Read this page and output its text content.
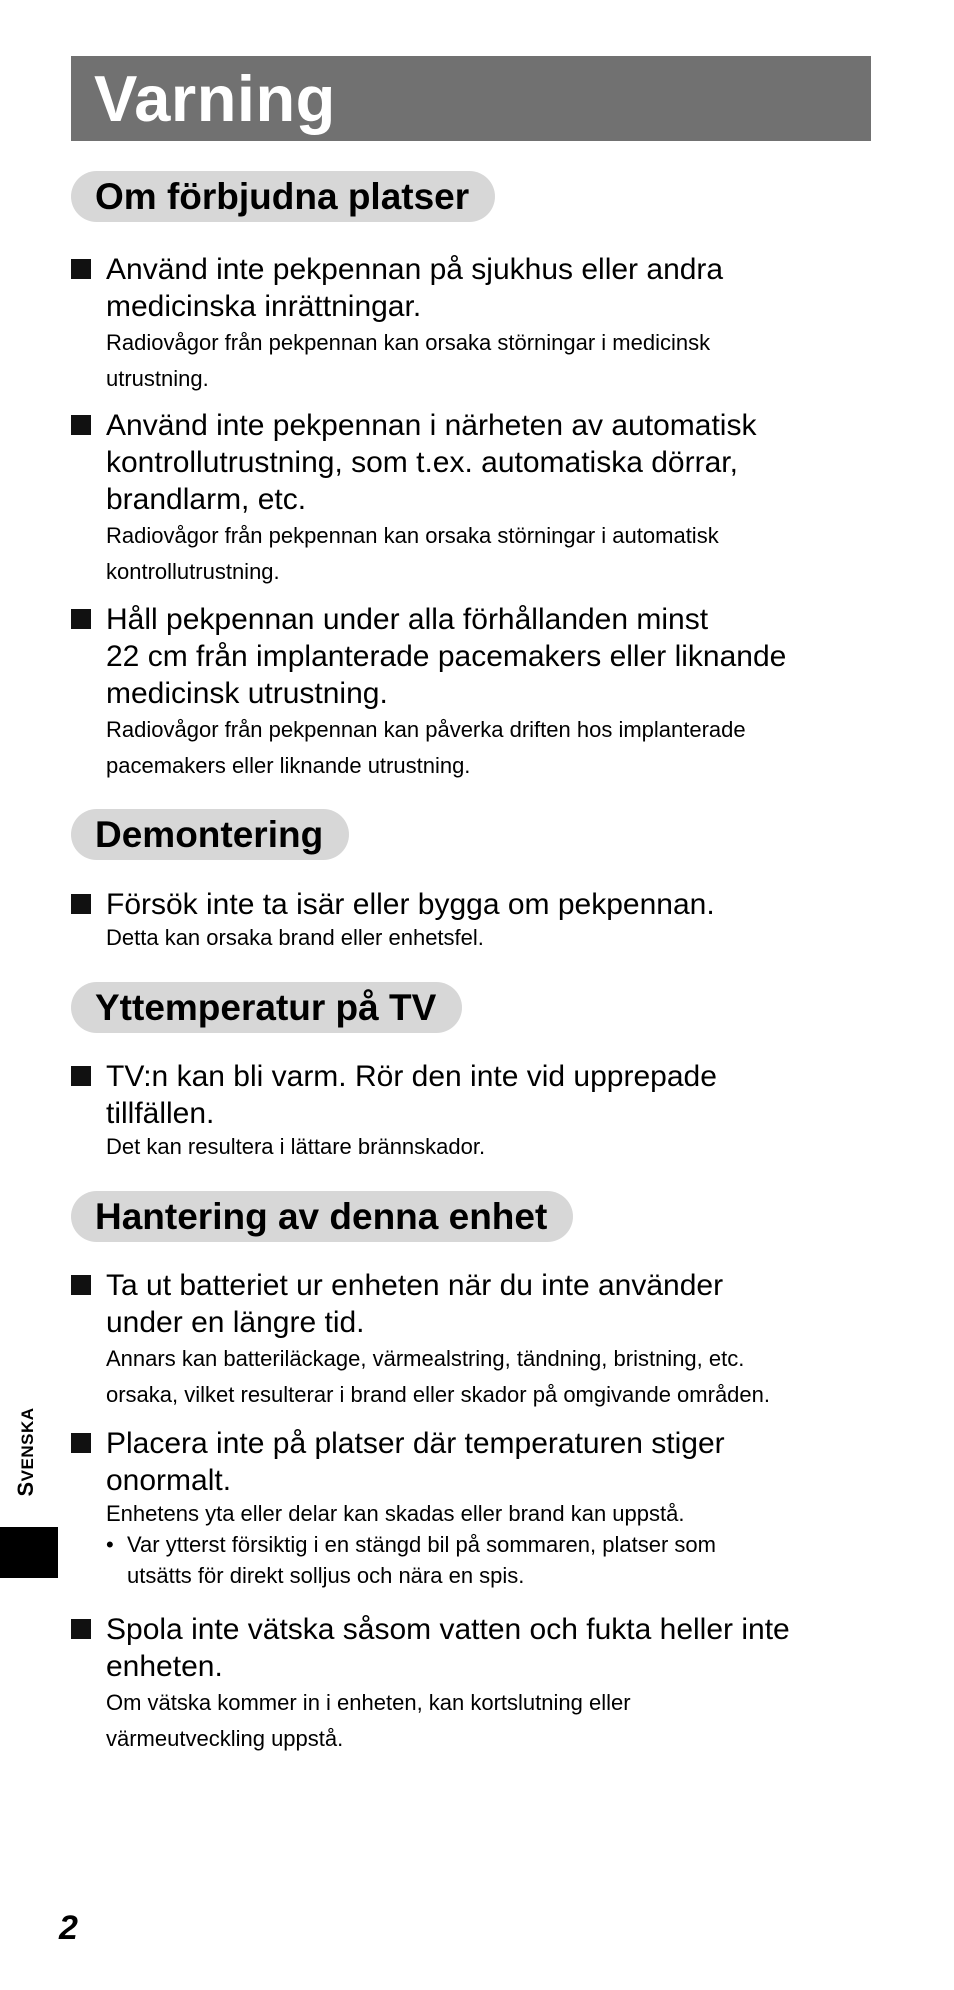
Varning
Om förbjudna platser
Använd inte pekpennan på sjukhus eller andra
medicinska inrättningar.
Radiovågor från pekpennan kan orsaka störningar i medicinsk
utrustning.
Använd inte pekpennan i närheten av automatisk
kontrollutrustning, som t.ex. automatiska dörrar,
brandlarm, etc.
Radiovågor från pekpennan kan orsaka störningar i automatisk
kontrollutrustning.
Håll pekpennan under alla förhållanden minst
22 cm från implanterade pacemakers eller liknande
medicinsk utrustning.
Radiovågor från pekpennan kan påverka driften hos implanterade
pacemakers eller liknande utrustning.
Demontering
Försök inte ta isär eller bygga om pekpennan.
Detta kan orsaka brand eller enhetsfel.
Yttemperatur på TV
TV:n kan bli varm. Rör den inte vid upprepade
tillfällen.
Det kan resultera i lättare brännskador.
Hantering av denna enhet
Ta ut batteriet ur enheten när du inte använder
under en längre tid.
Annars kan batteriläckage, värmealstring, tändning, bristning, etc.
orsaka, vilket resulterar i brand eller skador på omgivande områden.
Placera inte på platser där temperaturen stiger
onormalt.
Enhetens yta eller delar kan skadas eller brand kan uppstå.
• Var ytterst försiktig i en stängd bil på sommaren, platser som
utsätts för direkt solljus och nära en spis.
Spola inte vätska såsom vatten och fukta heller inte
enheten.
Om vätska kommer in i enheten, kan kortslutning eller
värmeutveckling uppstå.
SVENSKA
2
